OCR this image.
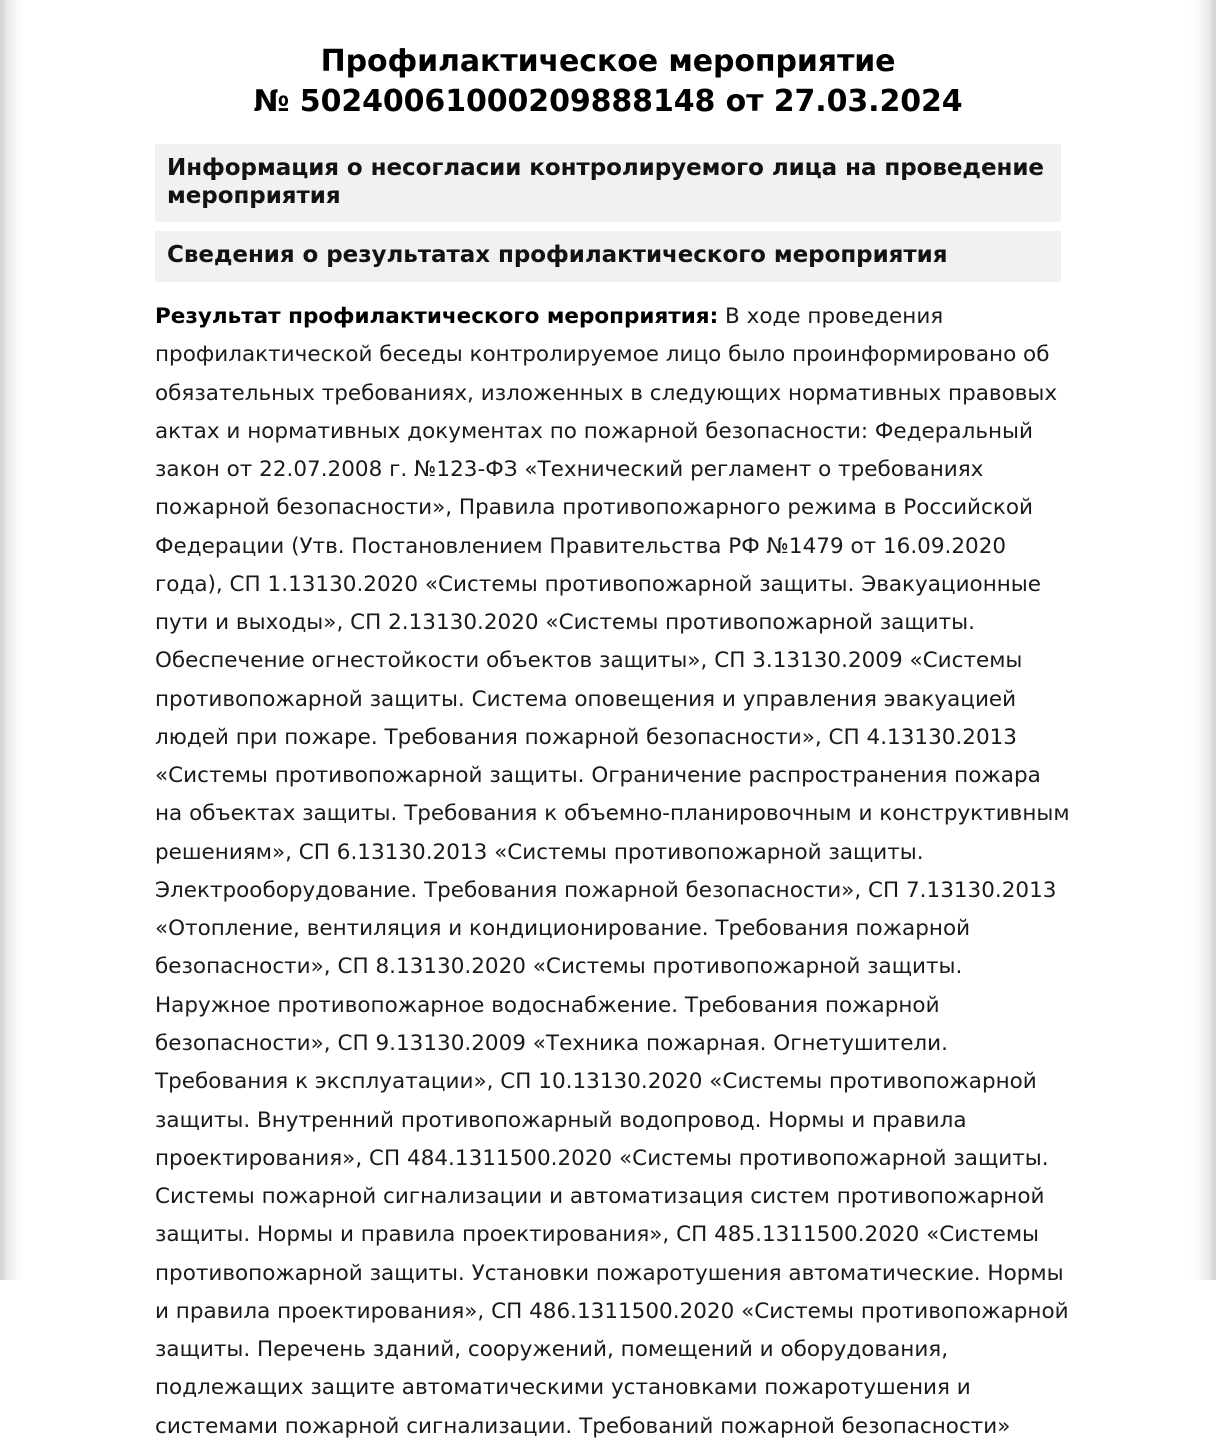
Профилактическое мероприятие
№ 50240061000209888148 от 27.03.2024
Информация о несогласии контролируемого лица на проведение мероприятия
Сведения о результатах профилактического мероприятия

Результат профилактического мероприятия: В ходе проведения профилактической беседы контролируемое лицо было проинформировано об обязательных требованиях, изложенных в следующих нормативных правовых актах и нормативных документах по пожарной безопасности: Федеральный закон от 22.07.2008 г. №123-ФЗ «Технический регламент о требованиях пожарной безопасности», Правила противопожарного режима в Российской Федерации (Утв. Постановлением Правительства РФ №1479 от 16.09.2020 года), СП 1.13130.2020 «Системы противопожарной защиты. Эвакуационные пути и выходы», СП 2.13130.2020 «Системы противопожарной защиты. Обеспечение огнестойкости объектов защиты», СП 3.13130.2009 «Системы противопожарной защиты. Система оповещения и управления эвакуацией людей при пожаре. Требования пожарной безопасности», СП 4.13130.2013 «Системы противопожарной защиты. Ограничение распространения пожара на объектах защиты. Требования к объемно-планировочным и конструктивным решениям», СП 6.13130.2013 «Системы противопожарной защиты. Электрооборудование. Требования пожарной безопасности», СП 7.13130.2013 «Отопление, вентиляция и кондиционирование. Требования пожарной безопасности», СП 8.13130.2020 «Системы противопожарной защиты. Наружное противопожарное водоснабжение. Требования пожарной безопасности», СП 9.13130.2009 «Техника пожарная. Огнетушители. Требования к эксплуатации», СП 10.13130.2020 «Системы противопожарной защиты. Внутренний противопожарный водопровод. Нормы и правила проектирования», СП 484.1311500.2020 «Системы противопожарной защиты. Системы пожарной сигнализации и автоматизация систем противопожарной защиты. Нормы и правила проектирования», СП 485.1311500.2020 «Системы противопожарной защиты. Установки пожаротушения автоматические. Нормы и правила проектирования», СП 486.1311500.2020 «Системы противопожарной защиты. Перечень зданий, сооружений, помещений и оборудования, подлежащих защите автоматическими установками пожаротушения и системами пожарной сигнализации. Требований пожарной безопасности»
